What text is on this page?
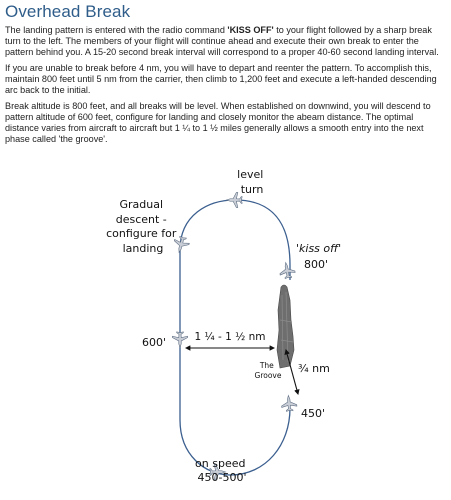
Overhead Break
The landing pattern is entered with the radio command 'KISS OFF' to your flight followed by a sharp break turn to the left. The members of your flight will continue ahead and execute their own break to enter the pattern behind you. A 15-20 second break interval will correspond to a proper 40-60 second landing interval.
If you are unable to break before 4 nm, you will have to depart and reenter the pattern. To accomplish this, maintain 800 feet until 5 nm from the carrier, then climb to 1,200 feet and execute a left-handed descending arc back to the initial.
Break altitude is 800 feet, and all breaks will be level. When established on downwind, you will descend to pattern altitude of 600 feet, configure for landing and closely monitor the abeam distance. The optimal distance varies from aircraft to aircraft but 1 ¼ to 1 ½ miles generally allows a smooth entry into the next phase called 'the groove'.
level turn
Gradual descent - configure for landing	'kiss off'
800'
600'	1 ¼ - 1 ½ nm
The Groove
¾ nm
450'
on speed 450-500'
